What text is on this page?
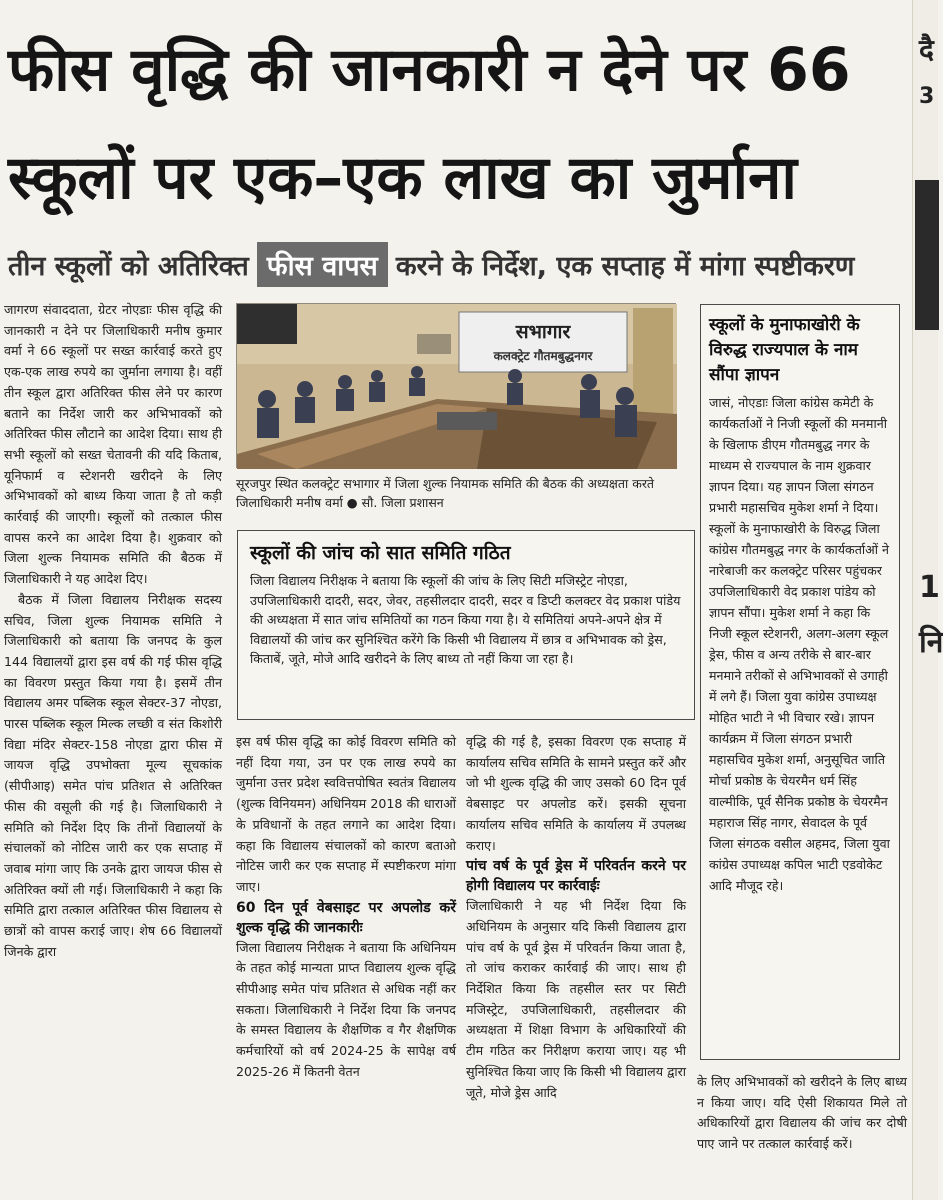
फीस वृद्धि की जानकारी न देने पर 66
स्कूलों पर एक–एक लाख का जुर्माना
तीन स्कूलों को अतिरिक्त फीस वापस करने के निर्देश, एक सप्ताह में मांगा स्पष्टीकरण

जागरण संवाददाता, ग्रेटर नोएडाः फीस वृद्धि की जानकारी न देने पर जिलाधिकारी मनीष कुमार वर्मा ने 66 स्कूलों पर सख्त कार्रवाई करते हुए एक-एक लाख रुपये का जुर्माना लगाया है। वहीं तीन स्कूल द्वारा अतिरिक्त फीस लेने पर कारण बताने का निर्देश जारी कर अभिभावकों को अतिरिक्त फीस लौटाने का आदेश दिया। साथ ही सभी स्कूलों को सख्त चेतावनी की यदि किताब, यूनिफार्म व स्टेशनरी खरीदने के लिए अभिभावकों को बाध्य किया जाता है तो कड़ी कार्रवाई की जाएगी। स्कूलों को तत्काल फीस वापस करने का आदेश दिया है। शुक्रवार को जिला शुल्क नियामक समिति की बैठक में जिलाधिकारी ने यह आदेश दिए।

बैठक में जिला विद्यालय निरीक्षक सदस्य सचिव, जिला शुल्क नियामक समिति ने जिलाधिकारी को बताया कि जनपद के कुल 144 विद्यालयों द्वारा इस वर्ष की गई फीस वृद्धि का विवरण प्रस्तुत किया गया है। इसमें तीन विद्यालय अमर पब्लिक स्कूल सेक्टर-37 नोएडा, पारस पब्लिक स्कूल मिल्क लच्छी व संत किशोरी विद्या मंदिर सेक्टर-158 नोएडा द्वारा फीस में जायज वृद्धि उपभोक्ता मूल्य सूचकांक (सीपीआइ) समेत पांच प्रतिशत से अतिरिक्त फीस की वसूली की गई है। जिलाधिकारी ने समिति को निर्देश दिए कि तीनों विद्यालयों के संचालकों को नोटिस जारी कर एक सप्ताह में जवाब मांगा जाए कि उनके द्वारा जायज फीस से अतिरिक्त क्यों ली गई। जिलाधिकारी ने कहा कि समिति द्वारा तत्काल अतिरिक्त फीस विद्यालय से छात्रों को वापस कराई जाए। शेष 66 विद्यालयों जिनके द्वारा

सभागार
कलक्ट्रेट गौतमबुद्धनगर
सूरजपुर स्थित कलक्ट्रेट सभागार में जिला शुल्क नियामक समिति की बैठक की अध्यक्षता करते जिलाधिकारी मनीष वर्मा ● सौ. जिला प्रशासन
स्कूलों की जांच को सात समिति गठित
जिला विद्यालय निरीक्षक ने बताया कि स्कूलों की जांच के लिए सिटी मजिस्ट्रेट नोएडा, उपजिलाधिकारी दादरी, सदर, जेवर, तहसीलदार दादरी, सदर व डिप्टी कलक्टर वेद प्रकाश पांडेय की अध्यक्षता में सात जांच समितियों का गठन किया गया है। ये समितियां अपने-अपने क्षेत्र में विद्यालयों की जांच कर सुनिश्चित करेंगे कि किसी भी विद्यालय में छात्र व अभिभावक को ड्रेस, किताबें, जूते, मोजे आदि खरीदने के लिए बाध्य तो नहीं किया जा रहा है।

इस वर्ष फीस वृद्धि का कोई विवरण समिति को नहीं दिया गया, उन पर एक लाख रुपये का जुर्माना उत्तर प्रदेश स्ववित्तपोषित स्वतंत्र विद्यालय (शुल्क विनियमन) अधिनियम 2018 की धाराओं के प्रविधानों के तहत लगाने का आदेश दिया। कहा कि विद्यालय संचालकों को कारण बताओ नोटिस जारी कर एक सप्ताह में स्पष्टीकरण मांगा जाए।

60 दिन पूर्व वेबसाइट पर अपलोड करें शुल्क वृद्धि की जानकारीः

जिला विद्यालय निरीक्षक ने बताया कि अधिनियम के तहत कोई मान्यता प्राप्त विद्यालय शुल्क वृद्धि सीपीआइ समेत पांच प्रतिशत से अधिक नहीं कर सकता। जिलाधिकारी ने निर्देश दिया कि जनपद के समस्त विद्यालय के शैक्षणिक व गैर शैक्षणिक कर्मचारियों को वर्ष 2024-25 के सापेक्ष वर्ष 2025-26 में कितनी वेतन

वृद्धि की गई है, इसका विवरण एक सप्ताह में कार्यालय सचिव समिति के सामने प्रस्तुत करें और जो भी शुल्क वृद्धि की जाए उसको 60 दिन पूर्व वेबसाइट पर अपलोड करें। इसकी सूचना कार्यालय सचिव समिति के कार्यालय में उपलब्ध कराए।

पांच वर्ष के पूर्व ड्रेस में परिवर्तन करने पर होगी विद्यालय पर कार्रवाईः

जिलाधिकारी ने यह भी निर्देश दिया कि अधिनियम के अनुसार यदि किसी विद्यालय द्वारा पांच वर्ष के पूर्व ड्रेस में परिवर्तन किया जाता है, तो जांच कराकर कार्रवाई की जाए। साथ ही निर्देशित किया कि तहसील स्तर पर सिटी मजिस्ट्रेट, उपजिलाधिकारी, तहसीलदार की अध्यक्षता में शिक्षा विभाग के अधिकारियों की टीम गठित कर निरीक्षण कराया जाए। यह भी सुनिश्चित किया जाए कि किसी भी विद्यालय द्वारा जूते, मोजे ड्रेस आदि

स्कूलों के मुनाफाखोरी के विरुद्ध राज्यपाल के नाम सौंपा ज्ञापन
जासं, नोएडाः जिला कांग्रेस कमेटी के कार्यकर्ताओं ने निजी स्कूलों की मनमानी के खिलाफ डीएम गौतमबुद्ध नगर के माध्यम से राज्यपाल के नाम शुक्रवार ज्ञापन दिया। यह ज्ञापन जिला संगठन प्रभारी महासचिव मुकेश शर्मा ने दिया। स्कूलों के मुनाफाखोरी के विरुद्ध जिला कांग्रेस गौतमबुद्ध नगर के कार्यकर्ताओं ने नारेबाजी कर कलक्ट्रेट परिसर पहुंचकर उपजिलाधिकारी वेद प्रकाश पांडेय को ज्ञापन सौंपा। मुकेश शर्मा ने कहा कि निजी स्कूल स्टेशनरी, अलग-अलग स्कूल ड्रेस, फीस व अन्य तरीके से बार-बार मनमाने तरीकों से अभिभावकों से उगाही में लगे हैं। जिला युवा कांग्रेस उपाध्यक्ष मोहित भाटी ने भी विचार रखे। ज्ञापन कार्यक्रम में जिला संगठन प्रभारी महासचिव मुकेश शर्मा, अनुसूचित जाति मोर्चा प्रकोष्ठ के चेयरमैन धर्म सिंह वाल्मीकि, पूर्व सैनिक प्रकोष्ठ के चेयरमैन महाराज सिंह नागर, सेवादल के पूर्व जिला संगठक वसील अहमद, जिला युवा कांग्रेस उपाध्यक्ष कपिल भाटी एडवोकेट आदि मौजूद रहे।

के लिए अभिभावकों को खरीदने के लिए बाध्य न किया जाए। यदि ऐसी शिकायत मिले तो अधिकारियों द्वारा विद्यालय की जांच कर दोषी पाए जाने पर तत्काल कार्रवाई करें।

दै
3
1
नि
